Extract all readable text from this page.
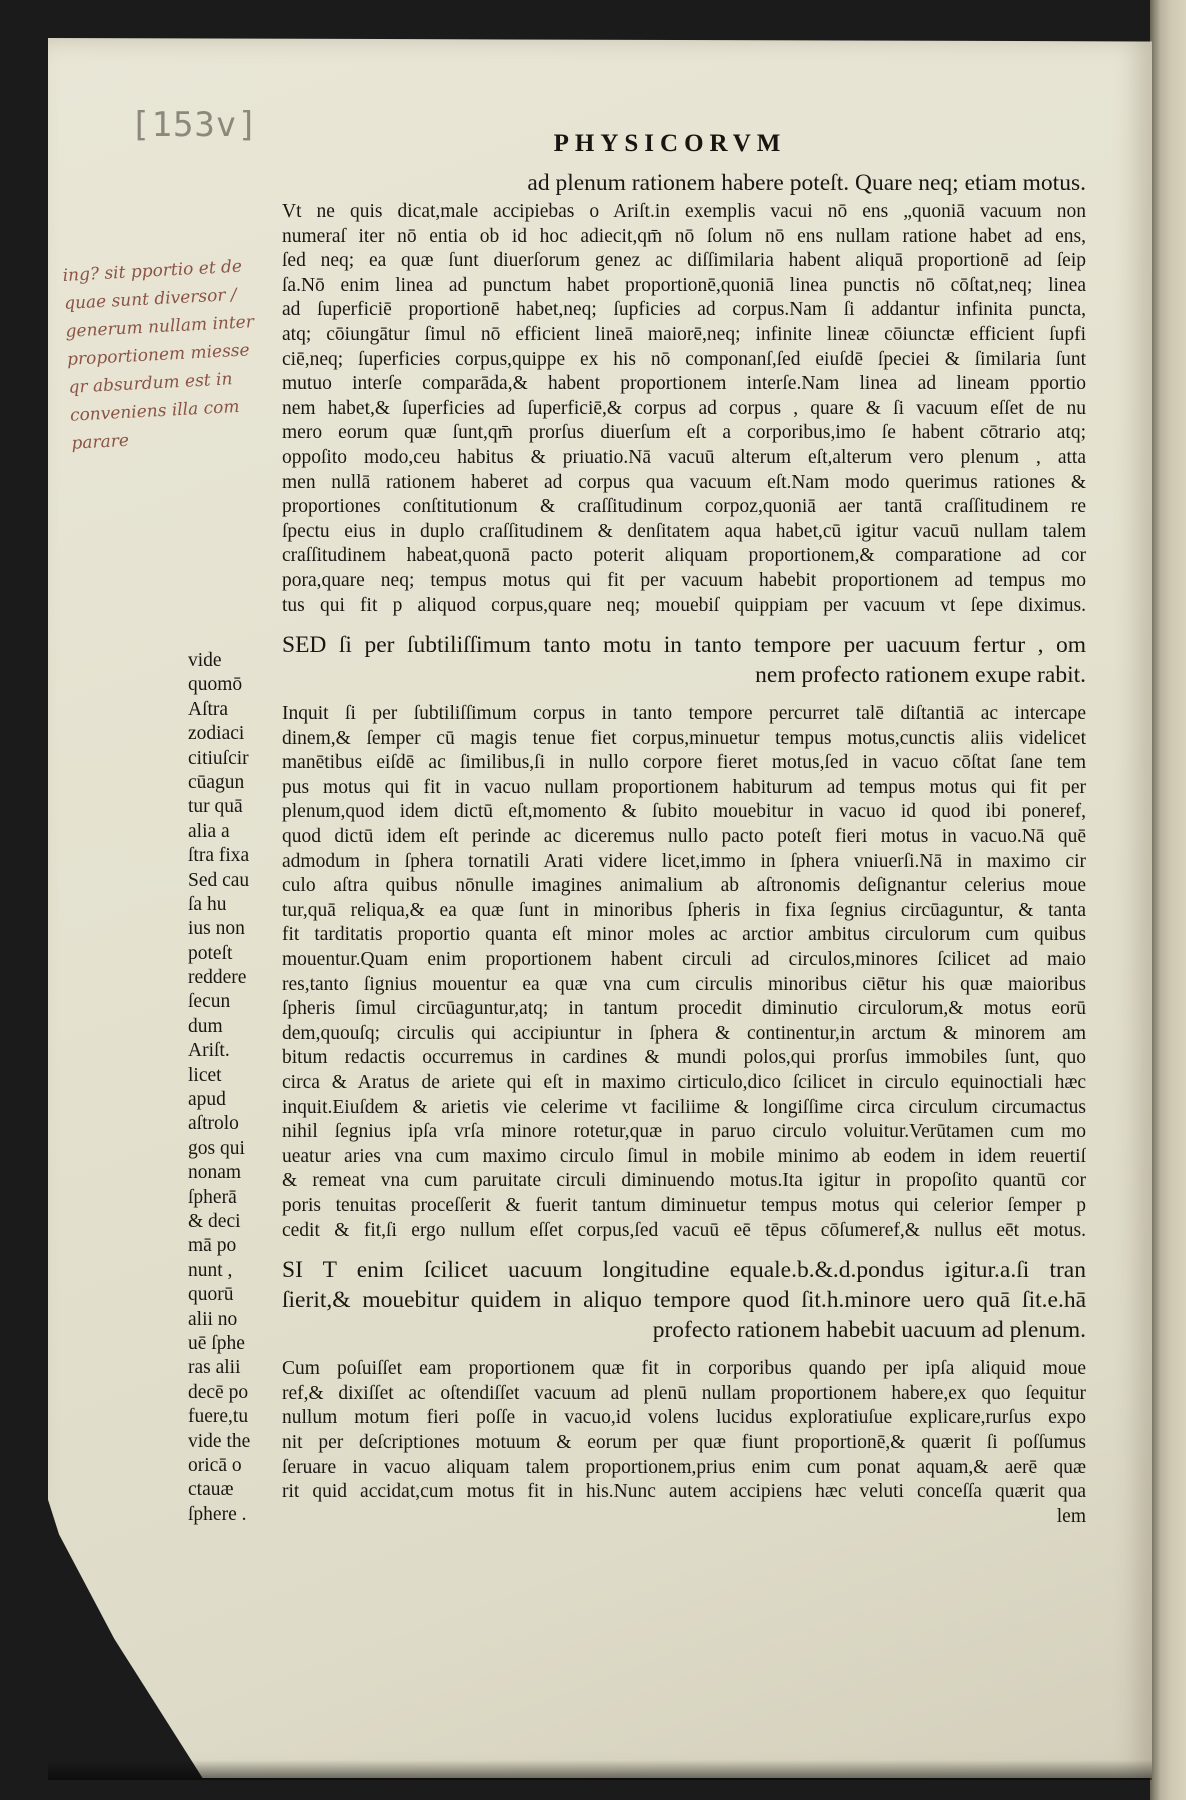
[153v]	PHYSICORVM
ing? sit pportio et de
quae sunt diversor /
generum nullam inter
proportionem miesse
qr absurdum est in
conveniens illa com
parare
ad plenum rationem habere poteſt. Quare neq; etiam motus.
Vt ne quis dicat,male accipiebas o Ariſt.in exemplis vacui nō ens „quoniā vacuum non
numeraſ iter nō entia ob id hoc adiecit,qm̄ nō ſolum nō ens nullam ratione habet ad ens,
ſed neq; ea quæ ſunt diuerſorum genez ac diſſimilaria habent aliquā proportionē ad ſeip
ſa.Nō enim linea ad punctum habet proportionē,quoniā linea punctis nō cōſtat,neq; linea
ad ſuperficiē proportionē habet,neq; ſupficies ad corpus.Nam ſi addantur infinita puncta,
atq; cōiungātur ſimul nō efficient lineā maiorē,neq; infinite lineæ cōiunctæ efficient ſupfi
ciē,neq; ſuperficies corpus,quippe ex his nō componanſ,ſed eiuſdē ſpeciei & ſimilaria ſunt
mutuo interſe comparāda,& habent proportionem interſe.Nam linea ad lineam pportio
nem habet,& ſuperficies ad ſuperficiē,& corpus ad corpus , quare & ſi vacuum eſſet de nu
mero eorum quæ ſunt,qm̄ prorſus diuerſum eſt a corporibus,imo ſe habent cōtrario atq;
oppoſito modo,ceu habitus & priuatio.Nā vacuū alterum eſt,alterum vero plenum , atta
men nullā rationem haberet ad corpus qua vacuum eſt.Nam modo querimus rationes &
proportiones conſtitutionum & craſſitudinum corpoz,quoniā aer tantā craſſitudinem re
ſpectu eius in duplo craſſitudinem & denſitatem aqua habet,cū igitur vacuū nullam talem
craſſitudinem habeat,quonā pacto poterit aliquam proportionem,& comparatione ad cor
pora,quare neq; tempus motus qui fit per vacuum habebit proportionem ad tempus mo
tus qui fit p aliquod corpus,quare neq; mouebiſ quippiam per vacuum vt ſepe diximus.
SED ſi per ſubtiliſſimum tanto motu in tanto tempore per uacuum fertur , om
nem profecto rationem exupe rabit.
Inquit ſi per ſubtiliſſimum corpus in tanto tempore percurret talē diſtantiā ac intercape
dinem,& ſemper cū magis tenue fiet corpus,minuetur tempus motus,cunctis aliis videlicet
manētibus eiſdē ac ſimilibus,ſi in nullo corpore fieret motus,ſed in vacuo cōſtat ſane tem
pus motus qui fit in vacuo nullam proportionem habiturum ad tempus motus qui fit per
plenum,quod idem dictū eſt,momento & ſubito mouebitur in vacuo id quod ibi poneref,
quod dictū idem eſt perinde ac diceremus nullo pacto poteſt fieri motus in vacuo.Nā quē
admodum in ſphera tornatili Arati videre licet,immo in ſphera vniuerſi.Nā in maximo cir
culo aſtra quibus nōnulle imagines animalium ab aſtronomis deſignantur celerius moue
tur,quā reliqua,& ea quæ ſunt in minoribus ſpheris in fixa ſegnius circūaguntur, & tanta
fit tarditatis proportio quanta eſt minor moles ac arctior ambitus circulorum cum quibus
mouentur.Quam enim proportionem habent circuli ad circulos,minores ſcilicet ad maio
res,tanto ſignius mouentur ea quæ vna cum circulis minoribus ciētur his quæ maioribus
ſpheris ſimul circūaguntur,atq; in tantum procedit diminutio circulorum,& motus eorū
dem,quouſq; circulis qui accipiuntur in ſphera & continentur,in arctum & minorem am
bitum redactis occurremus in cardines & mundi polos,qui prorſus immobiles ſunt, quo
circa & Aratus de ariete qui eſt in maximo cirticulo,dico ſcilicet in circulo equinoctiali hæc
inquit.Eiuſdem & arietis vie celerime vt faciliime & longiſſime circa circulum circumactus
nihil ſegnius ipſa vrſa minore rotetur,quæ in paruo circulo voluitur.Verūtamen cum mo
ueatur aries vna cum maximo circulo ſimul in mobile minimo ab eodem in idem reuertiſ
& remeat vna cum paruitate circuli diminuendo motus.Ita igitur in propoſito quantū cor
poris tenuitas proceſſerit & fuerit tantum diminuetur tempus motus qui celerior ſemper p
cedit & fit,ſi ergo nullum eſſet corpus,ſed vacuū eē tēpus cōſumeref,& nullus eēt motus.
SI T enim ſcilicet uacuum longitudine equale.b.&.d.pondus igitur.a.ſi tran
ſierit,& mouebitur quidem in aliquo tempore quod ſit.h.minore uero quā ſit.e.hā
profecto rationem habebit uacuum ad plenum.
Cum poſuiſſet eam proportionem quæ fit in corporibus quando per ipſa aliquid moue
ref,& dixiſſet ac oſtendiſſet vacuum ad plenū nullam proportionem habere,ex quo ſequitur
nullum motum fieri poſſe in vacuo,id volens lucidus exploratiuſue explicare,rurſus expo
nit per deſcriptiones motuum & eorum per quæ fiunt proportionē,& quærit ſi poſſumus
ſeruare in vacuo aliquam talem proportionem,prius enim cum ponat aquam,& aerē quæ
rit quid accidat,cum motus fit in his.Nunc autem accipiens hæc veluti conceſſa quærit qua
lem
vide
quomō
Aſtra
zodiaci
citiuſcir
cūagun
tur quā
alia a
ſtra fixa
Sed cau
ſa hu
ius non
poteſt
reddere
ſecun
dum
Ariſt.
licet
apud
aſtrolo
gos qui
nonam
ſpherā
& deci
mā po
nunt ,
quorū
alii no
uē ſphe
ras alii
decē po
fuere,tu
vide the
oricā o
ctauæ
ſphere .
